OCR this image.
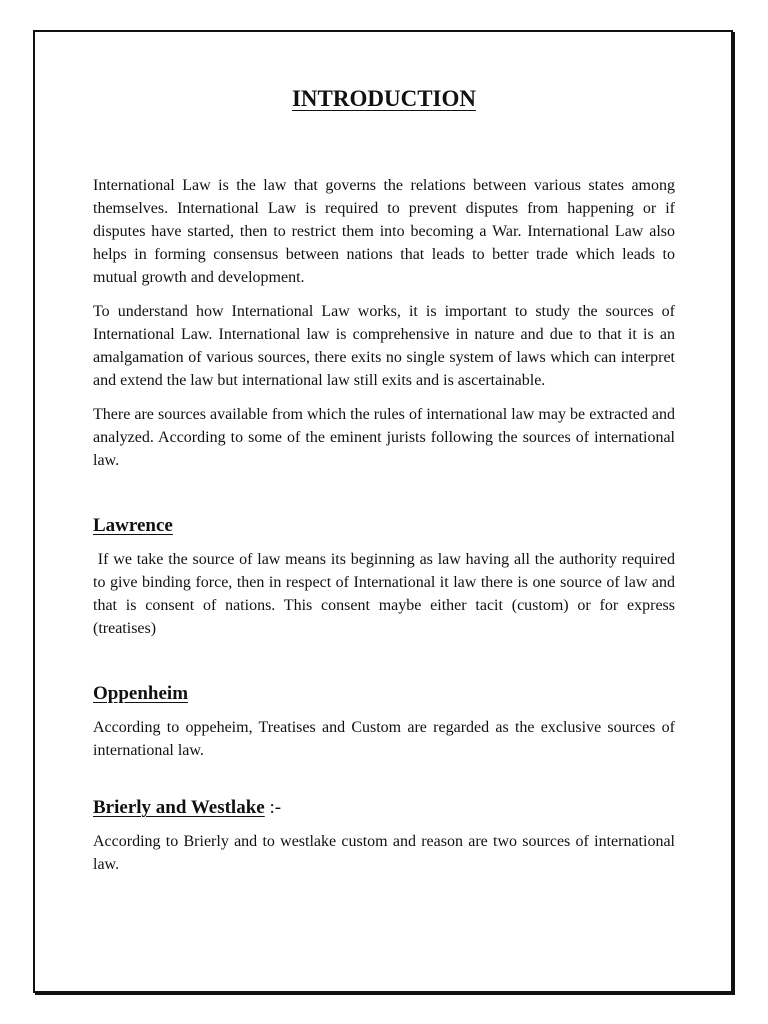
INTRODUCTION

International Law is the law that governs the relations between various states among themselves. International Law is required to prevent disputes from happening or if disputes have started, then to restrict them into becoming a War. International Law also helps in forming consensus between nations that leads to better trade which leads to mutual growth and development.

To understand how International Law works, it is important to study the sources of International Law. International law is comprehensive in nature and due to that it is an amalgamation of various sources, there exits no single system of laws which can interpret and extend the law but international law still exits and is ascertainable.

There are sources available from which the rules of international law may be extracted and analyzed. According to some of the eminent jurists following the sources of international law.

Lawrence

If we take the source of law means its beginning as law having all the authority required to give binding force, then in respect of International it law there is one source of law and that is consent of nations. This consent maybe either tacit (custom) or for express (treatises)

Oppenheim

According to oppeheim, Treatises and Custom are regarded as the exclusive sources of international law.

Brierly and Westlake :-

According to Brierly and to westlake custom and reason are two sources of international law.
